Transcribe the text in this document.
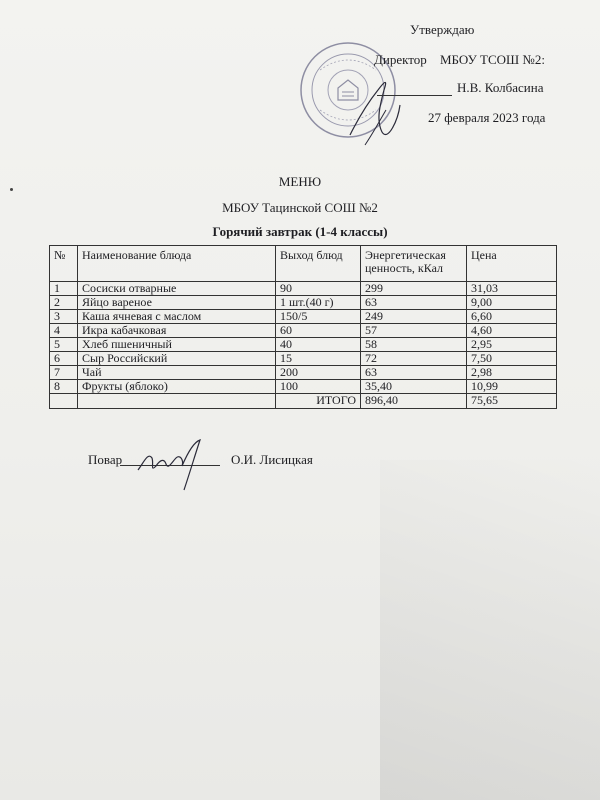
Утверждаю
Директор МБОУ ТСОШ №2:
Н.В. Колбасина
27 февраля 2023 года
МЕНЮ
МБОУ Тацинской СОШ №2
Горячий завтрак (1-4 классы)
№	Наименование блюда	Выход блюд	Энергетическая ценность, кКал	Цена
1	Сосиски отварные	90	299	31,03
2	Яйцо вареное	1 шт.(40 г)	63	9,00
3	Каша ячневая с маслом	150/5	249	6,60
4	Икра кабачковая	60	57	4,60
5	Хлеб пшеничный	40	58	2,95
6	Сыр Российский	15	72	7,50
7	Чай	200	63	2,98
8	Фрукты (яблоко)	100	35,40	10,99
		ИТОГО	896,40	75,65
Повар	О.И. Лисицкая
